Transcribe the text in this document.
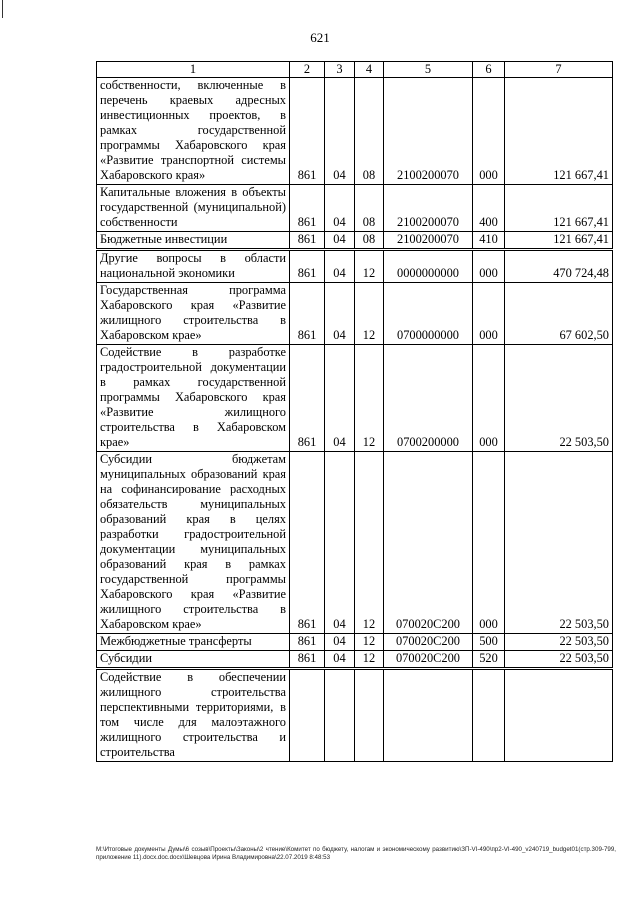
621
1	2	3	4	5	6	7
собственности, включенные в перечень краевых адресных инвестиционных проектов, в рамках государственной программы Хабаровского края «Развитие транспортной системы Хабаровского края»	861	04	08	2100200070	000	121 667,41
Капитальные вложения в объекты государственной (муниципальной) собственности	861	04	08	2100200070	400	121 667,41
Бюджетные инвестиции	861	04	08	2100200070	410	121 667,41
Другие вопросы в области национальной экономики	861	04	12	0000000000	000	470 724,48
Государственная программа Хабаровского края «Развитие жилищного строительства в Хабаровском крае»	861	04	12	0700000000	000	67 602,50
Содействие в разработке градостроительной документации в рамках государственной программы Хабаровского края «Развитие жилищного строительства в Хабаровском крае»	861	04	12	0700200000	000	22 503,50
Субсидии бюджетам муниципальных образований края на софинансирование расходных обязательств муниципальных образований края в целях разработки градостроительной документации муниципальных образований края в рамках государственной программы Хабаровского края «Развитие жилищного строительства в Хабаровском крае»	861	04	12	070020С200	000	22 503,50
Межбюджетные трансферты	861	04	12	070020С200	500	22 503,50
Субсидии	861	04	12	070020С200	520	22 503,50
Содействие в обеспечении жилищного строительства перспективными территориями, в том числе для малоэтажного жилищного строительства и строительства						
M:\Итоговые документы Думы\6 созыв\Проекты\Законы\2 чтение\Комитет по бюджету, налогам и экономическому развитию\ЗП-VI-490\пр2-VI-490_v240719_budget01(стр.309-799, приложение 11).docx.doc.docx\Шевцова Ирина Владимировна\22.07.2019 8:48:53
